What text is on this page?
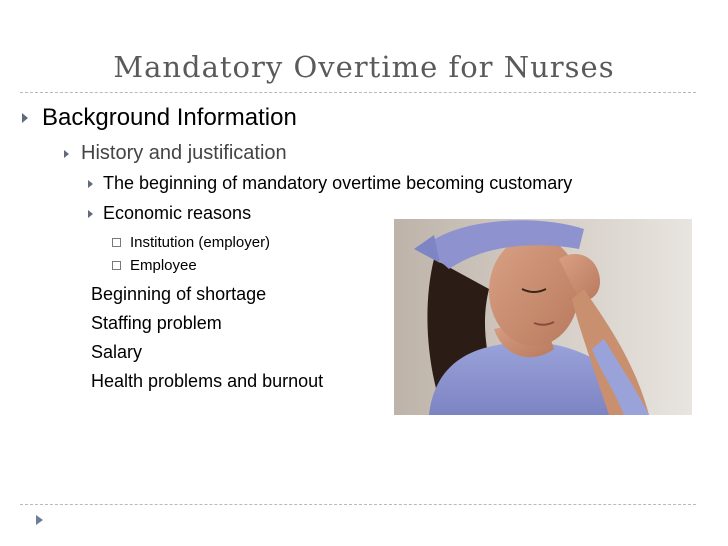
Mandatory Overtime for Nurses
Background Information
History and justification
The beginning of mandatory overtime becoming customary
Economic reasons
Institution (employer)
Employee
Beginning of shortage
Staffing problem
Salary
Health problems and burnout
